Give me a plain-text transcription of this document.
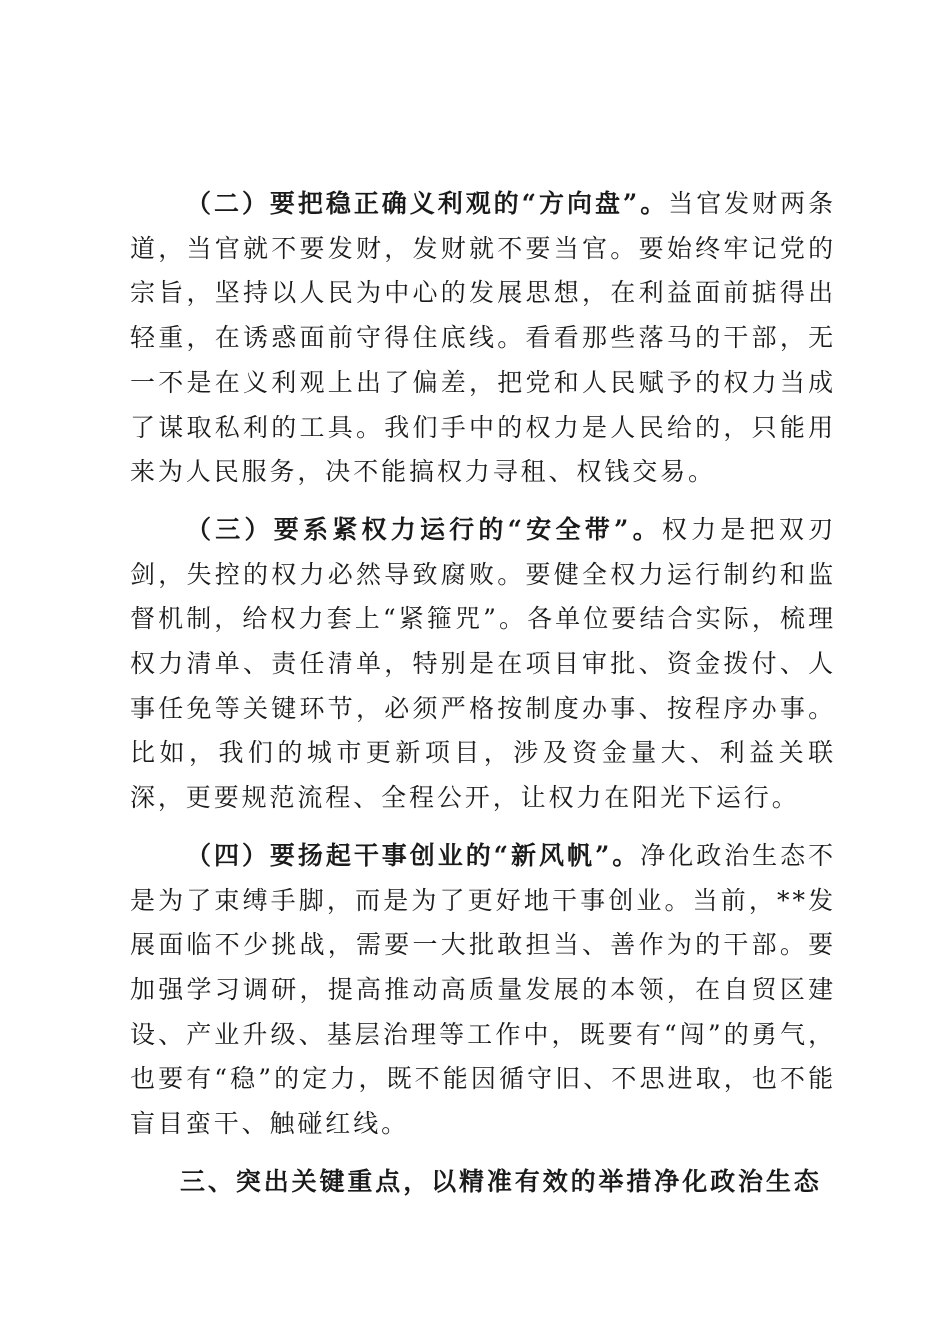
（二）要把稳正确义利观的“方向盘”。当官发财两条道，当官就不要发财，发财就不要当官。要始终牢记党的宗旨，坚持以人民为中心的发展思想，在利益面前掂得出轻重，在诱惑面前守得住底线。看看那些落马的干部，无一不是在义利观上出了偏差，把党和人民赋予的权力当成了谋取私利的工具。我们手中的权力是人民给的，只能用来为人民服务，决不能搞权力寻租、权钱交易。

（三）要系紧权力运行的“安全带”。权力是把双刃剑，失控的权力必然导致腐败。要健全权力运行制约和监督机制，给权力套上“紧箍咒”。各单位要结合实际，梳理权力清单、责任清单，特别是在项目审批、资金拨付、人事任免等关键环节，必须严格按制度办事、按程序办事。比如，我们的城市更新项目，涉及资金量大、利益关联深，更要规范流程、全程公开，让权力在阳光下运行。

（四）要扬起干事创业的“新风帆”。净化政治生态不是为了束缚手脚，而是为了更好地干事创业。当前，**发展面临不少挑战，需要一大批敢担当、善作为的干部。要加强学习调研，提高推动高质量发展的本领，在自贸区建设、产业升级、基层治理等工作中，既要有“闯”的勇气，也要有“稳”的定力，既不能因循守旧、不思进取，也不能盲目蛮干、触碰红线。

三、突出关键重点，以精准有效的举措净化政治生态
